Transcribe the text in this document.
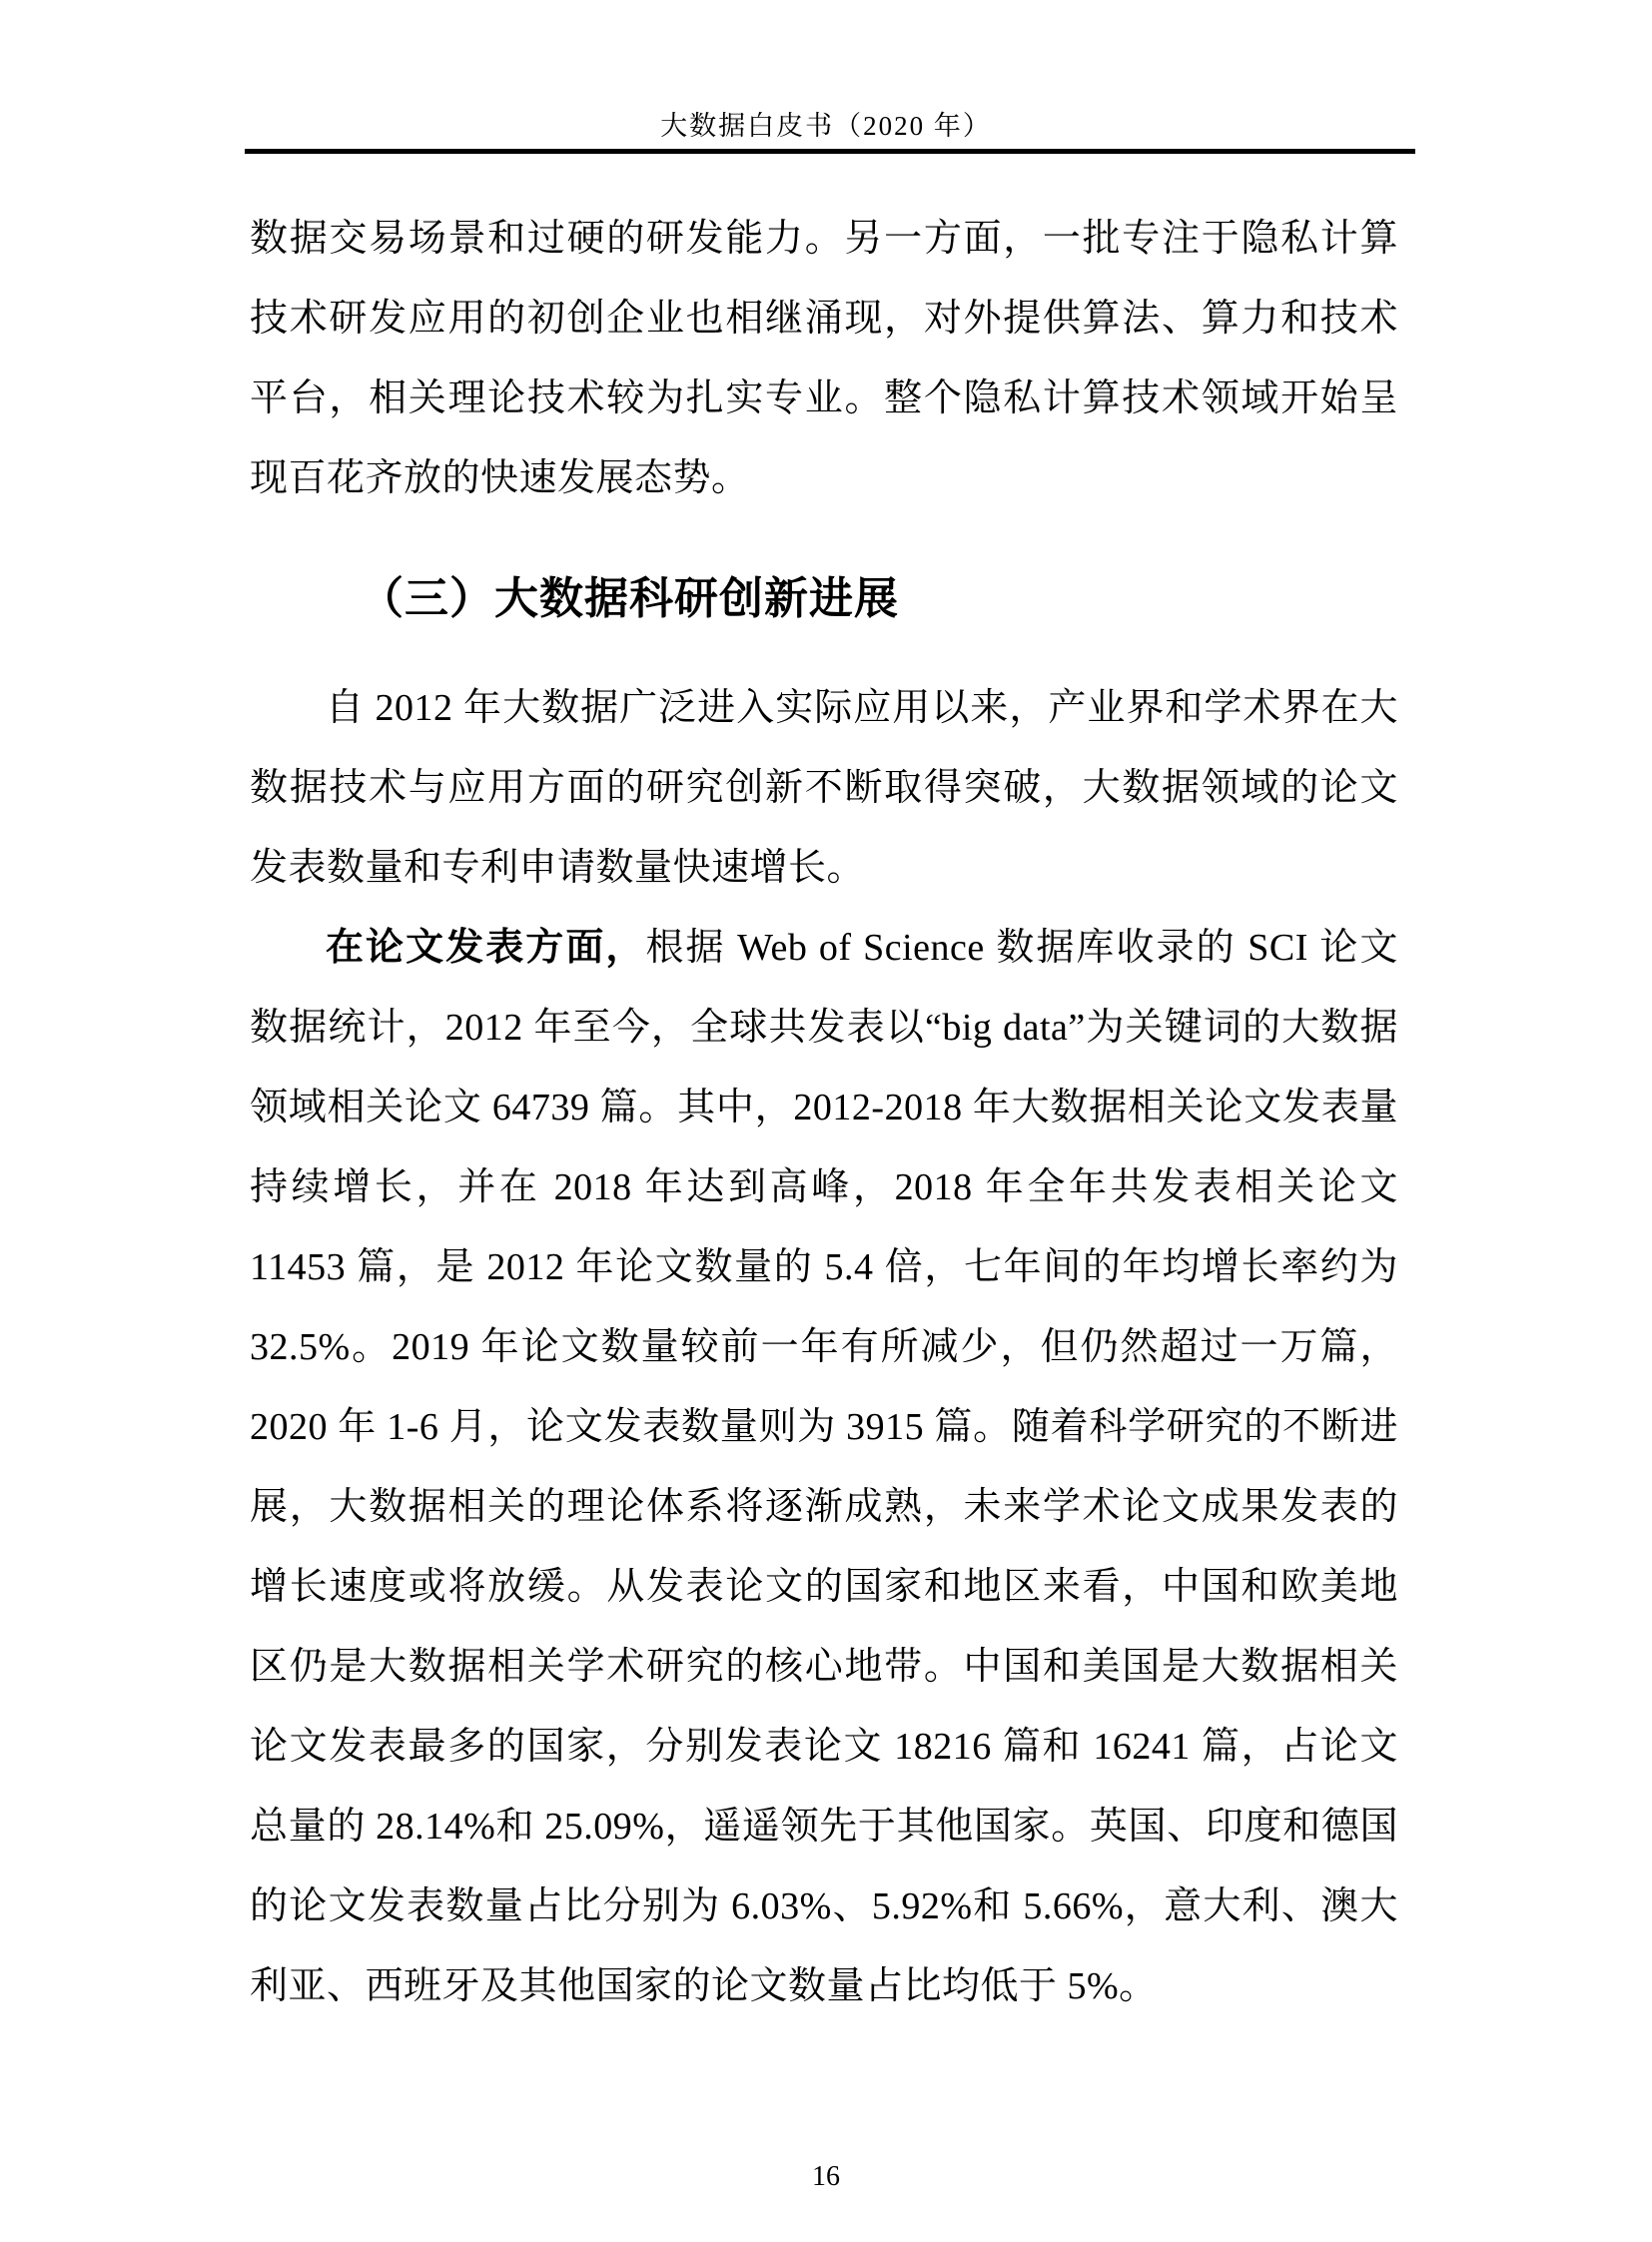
大数据白皮书（2020 年）

数据交易场景和过硬的研发能力。另一方面，一批专注于隐私计算技术研发应用的初创企业也相继涌现，对外提供算法、算力和技术平台，相关理论技术较为扎实专业。整个隐私计算技术领域开始呈现百花齐放的快速发展态势。

（三）大数据科研创新进展

自 2012 年大数据广泛进入实际应用以来，产业界和学术界在大数据技术与应用方面的研究创新不断取得突破，大数据领域的论文发表数量和专利申请数量快速增长。

在论文发表方面，根据 Web of Science 数据库收录的 SCI 论文数据统计，2012 年至今，全球共发表以“big data”为关键词的大数据领域相关论文 64739 篇。其中，2012-2018 年大数据相关论文发表量持续增长，并在 2018 年达到高峰，2018 年全年共发表相关论文 11453 篇，是 2012 年论文数量的 5.4 倍，七年间的年均增长率约为 32.5%。2019 年论文数量较前一年有所减少，但仍然超过一万篇，2020 年 1-6 月，论文发表数量则为 3915 篇。随着科学研究的不断进展，大数据相关的理论体系将逐渐成熟，未来学术论文成果发表的增长速度或将放缓。从发表论文的国家和地区来看，中国和欧美地区仍是大数据相关学术研究的核心地带。中国和美国是大数据相关论文发表最多的国家，分别发表论文 18216 篇和 16241 篇，占论文总量的 28.14%和 25.09%，遥遥领先于其他国家。英国、印度和德国的论文发表数量占比分别为 6.03%、5.92%和 5.66%，意大利、澳大利亚、西班牙及其他国家的论文数量占比均低于 5%。

16
